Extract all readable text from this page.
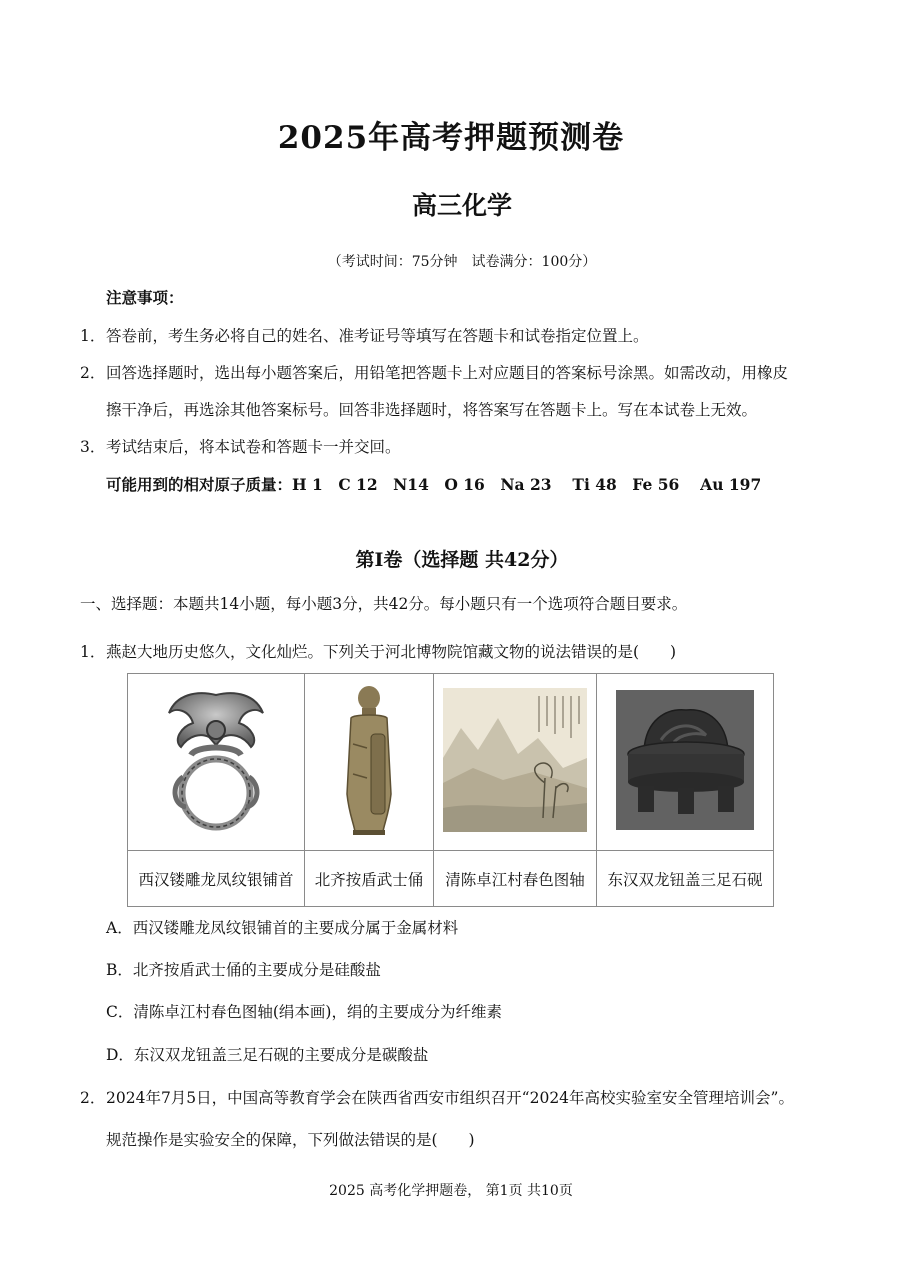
2025年高考押题预测卷
高三化学
（考试时间：75分钟　试卷满分：100分）
注意事项：
1． 答卷前，考生务必将自己的姓名、准考证号等填写在答题卡和试卷指定位置上。
2． 回答选择题时，选出每小题答案后，用铅笔把答题卡上对应题目的答案标号涂黑。如需改动，用橡皮
擦干净后，再选涂其他答案标号。回答非选择题时，将答案写在答题卡上。写在本试卷上无效。
3． 考试结束后，将本试卷和答题卡一并交回。
可能用到的相对原子质量：H 1　C 12　N14　O 16　Na 23　 Ti 48　Fe 56　 Au 197
第Ⅰ卷（选择题 共42分）
一、选择题：本题共14小题，每小题3分，共42分。每小题只有一个选项符合题目要求。
1． 燕赵大地历史悠久，文化灿烂。下列关于河北博物院馆藏文物的说法错误的是(　　)

西汉镂雕龙凤纹银铺首	北齐按盾武士俑	清陈卓江村春色图轴	东汉双龙钮盖三足石砚
A．西汉镂雕龙凤纹银铺首的主要成分属于金属材料
B．北齐按盾武士俑的主要成分是硅酸盐
C．清陈卓江村春色图轴(绢本画)，绢的主要成分为纤维素
D．东汉双龙钮盖三足石砚的主要成分是碳酸盐
2． 2024年7月5日，中国高等教育学会在陕西省西安市组织召开“2024年高校实验室安全管理培训会”。
规范操作是实验安全的保障，下列做法错误的是(　　)
2025 高考化学押题卷， 第1页 共10页
